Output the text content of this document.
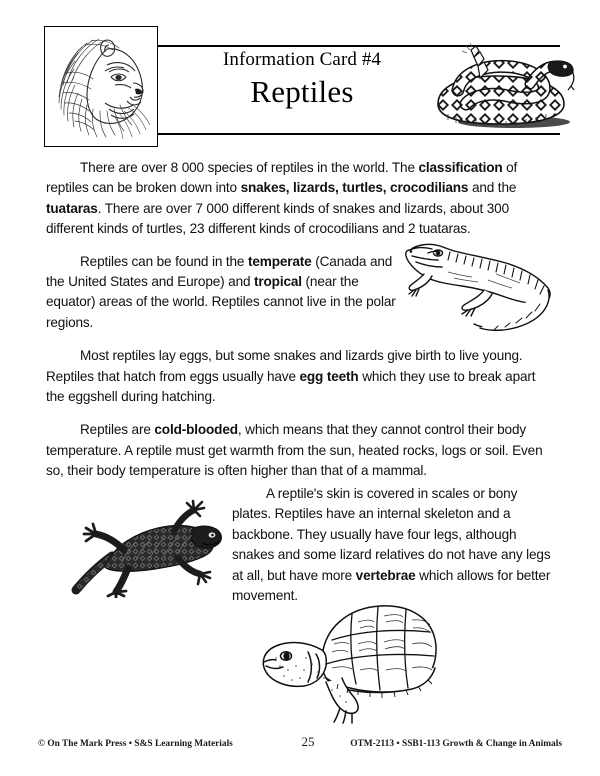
Information Card #4
Reptiles

There are over 8 000 species of reptiles in the world. The classification of reptiles can be broken down into snakes, lizards, turtles, crocodilians and the tuataras. There are over 7 000 different kinds of snakes and lizards, about 300 different kinds of turtles, 23 different kinds of crocodilians and 2 tuataras.

Reptiles can be found in the temperate (Canada and the United States and Europe) and tropical (near the equator) areas of the world. Reptiles cannot live in the polar regions.

Most reptiles lay eggs, but some snakes and lizards give birth to live young. Reptiles that hatch from eggs usually have egg teeth which they use to break apart the eggshell during hatching.

Reptiles are cold-blooded, which means that they cannot control their body temperature. A reptile must get warmth from the sun, heated rocks, logs or soil. Even so, their body temperature is often higher than that of a mammal.

A reptile's skin is covered in scales or bony plates. Reptiles have an internal skeleton and a backbone. They usually have four legs, although snakes and some lizard relatives do not have any legs at all, but have more vertebrae which allows for better movement.

© On The Mark Press • S&S Learning Materials	25	OTM-2113 • SSB1-113 Growth & Change in Animals
